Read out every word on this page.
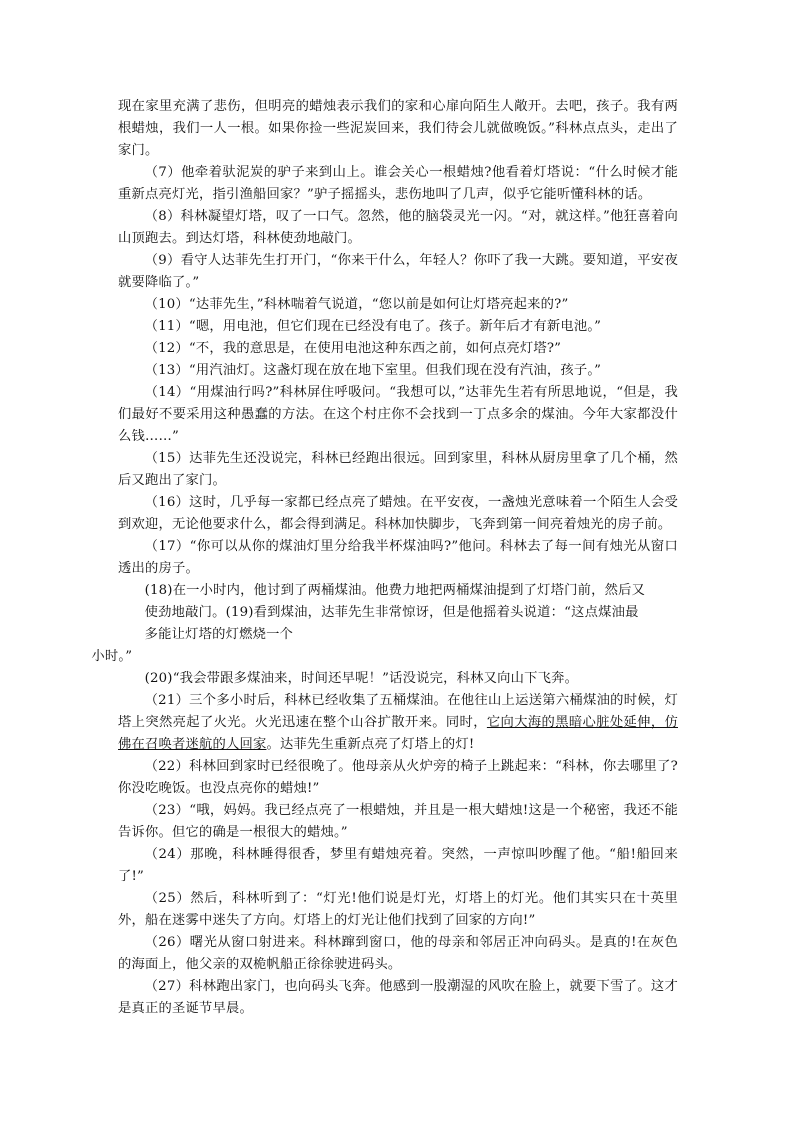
现在家里充满了悲伤，但明亮的蜡烛表示我们的家和心扉向陌生人敞开。去吧，孩子。我有两根蜡烛，我们一人一根。如果你捡一些泥炭回来，我们待会儿就做晚饭。”科林点点头，走出了家门。

（7）他牵着驮泥炭的驴子来到山上。谁会关心一根蜡烛?他看着灯塔说：“什么时候才能重新点亮灯光，指引渔船回家？”驴子摇摇头，悲伤地叫了几声，似乎它能听懂科林的话。

（8）科林凝望灯塔，叹了一口气。忽然，他的脑袋灵光一闪。“对，就这样。”他狂喜着向山顶跑去。到达灯塔，科林使劲地敲门。

（9）看守人达菲先生打开门，“你来干什么，年轻人？你吓了我一大跳。要知道，平安夜就要降临了。”

（10）“达菲先生，”科林喘着气说道，“您以前是如何让灯塔亮起来的?”

（11）“嗯，用电池，但它们现在已经没有电了。孩子。新年后才有新电池。”

（12）“不，我的意思是，在使用电池这种东西之前，如何点亮灯塔?”

（13）“用汽油灯。这盏灯现在放在地下室里。但我们现在没有汽油，孩子。”

（14）“用煤油行吗?”科林屏住呼吸问。“我想可以，”达菲先生若有所思地说，“但是，我们最好不要采用这种愚蠢的方法。在这个村庄你不会找到一丁点多余的煤油。今年大家都没什么钱……”

（15）达菲先生还没说完，科林已经跑出很远。回到家里，科林从厨房里拿了几个桶，然后又跑出了家门。

（16）这时，几乎每一家都已经点亮了蜡烛。在平安夜，一盏烛光意味着一个陌生人会受到欢迎，无论他要求什么，都会得到满足。科林加快脚步，飞奔到第一间亮着烛光的房子前。

（17）“你可以从你的煤油灯里分给我半杯煤油吗?”他问。科林去了每一间有烛光从窗口透出的房子。

(18)在一小时内，他讨到了两桶煤油。他费力地把两桶煤油提到了灯塔门前，然后又
使劲地敲门。(19)看到煤油，达菲先生非常惊讶，但是他摇着头说道：“这点煤油最
多能让灯塔的灯燃烧一个
小时。”

(20)“我会带跟多煤油来，时间还早呢！”话没说完，科林又向山下飞奔。

（21）三个多小时后，科林已经收集了五桶煤油。在他往山上运送第六桶煤油的时候，灯塔上突然亮起了火光。火光迅速在整个山谷扩散开来。同时，它向大海的黑暗心脏处延伸，仿佛在召唤者迷航的人回家。达菲先生重新点亮了灯塔上的灯!

（22）科林回到家时已经很晚了。他母亲从火炉旁的椅子上跳起来：“科林，你去哪里了?你没吃晚饭。也没点亮你的蜡烛!”

（23）“哦，妈妈。我已经点亮了一根蜡烛，并且是一根大蜡烛!这是一个秘密，我还不能告诉你。但它的确是一根很大的蜡烛。”

（24）那晚，科林睡得很香，梦里有蜡烛亮着。突然，一声惊叫吵醒了他。“船!船回来了!”

（25）然后，科林听到了：“灯光!他们说是灯光，灯塔上的灯光。他们其实只在十英里外，船在迷雾中迷失了方向。灯塔上的灯光让他们找到了回家的方向!”

（26）曙光从窗口射进来。科林蹿到窗口，他的母亲和邻居正冲向码头。是真的!在灰色的海面上，他父亲的双桅帆船正徐徐驶进码头。

（27）科林跑出家门，也向码头飞奔。他感到一股潮湿的风吹在脸上，就要下雪了。这才是真正的圣诞节早晨。
